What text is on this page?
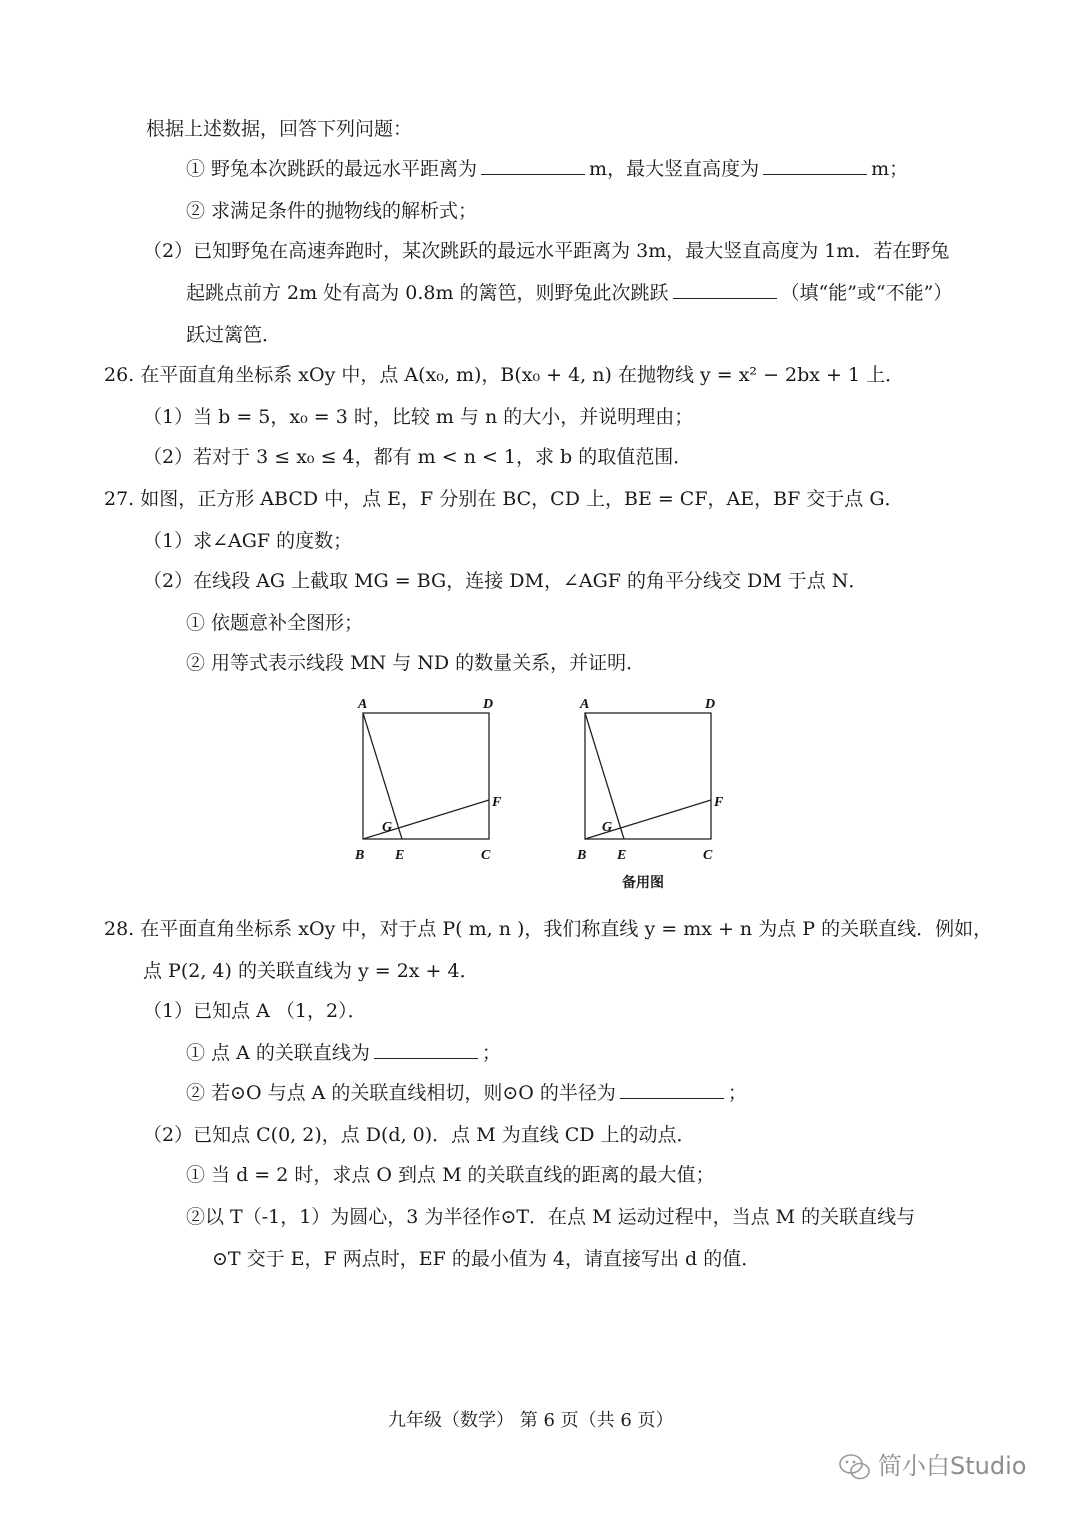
根据上述数据，回答下列问题：
① 野兔本次跳跃的最远水平距离为	m，最大竖直高度为	m；
② 求满足条件的抛物线的解析式；
（2）已知野兔在高速奔跑时，某次跳跃的最远水平距离为 3m，最大竖直高度为 1m．若在野兔
起跳点前方 2m 处有高为 0.8m 的篱笆，则野兔此次跳跃	（填“能”或“不能”）
跃过篱笆．
26. 在平面直角坐标系 xOy 中，点 A(x₀, m)，B(x₀ + 4, n) 在抛物线 y = x² − 2bx + 1 上．
（1）当 b = 5，x₀ = 3 时，比较 m 与 n 的大小，并说明理由；
（2）若对于 3 ≤ x₀ ≤ 4，都有 m < n < 1，求 b 的取值范围．
27. 如图，正方形 ABCD 中，点 E，F 分别在 BC，CD 上，BE = CF，AE，BF 交于点 G．
（1）求∠AGF 的度数；
（2）在线段 AG 上截取 MG = BG，连接 DM，∠AGF 的角平分线交 DM 于点 N．
① 依题意补全图形；
② 用等式表示线段 MN 与 ND 的数量关系，并证明．
A	D
F
G
B E	C
A	D
F
G
B E	C
备用图
28. 在平面直角坐标系 xOy 中，对于点 P( m, n )，我们称直线 y = mx + n 为点 P 的关联直线．例如，
点 P(2, 4) 的关联直线为 y = 2x + 4．
（1）已知点 A （1，2）．
① 点 A 的关联直线为	；
② 若⊙O 与点 A 的关联直线相切，则⊙O 的半径为	；
（2）已知点 C(0, 2)，点 D(d, 0)．点 M 为直线 CD 上的动点．
① 当 d = 2 时，求点 O 到点 M 的关联直线的距离的最大值；
②以 T（-1，1）为圆心，3 为半径作⊙T．在点 M 运动过程中，当点 M 的关联直线与
⊙T 交于 E，F 两点时，EF 的最小值为 4，请直接写出 d 的值．
九年级（数学） 第 6 页（共 6 页）
简小白Studio
